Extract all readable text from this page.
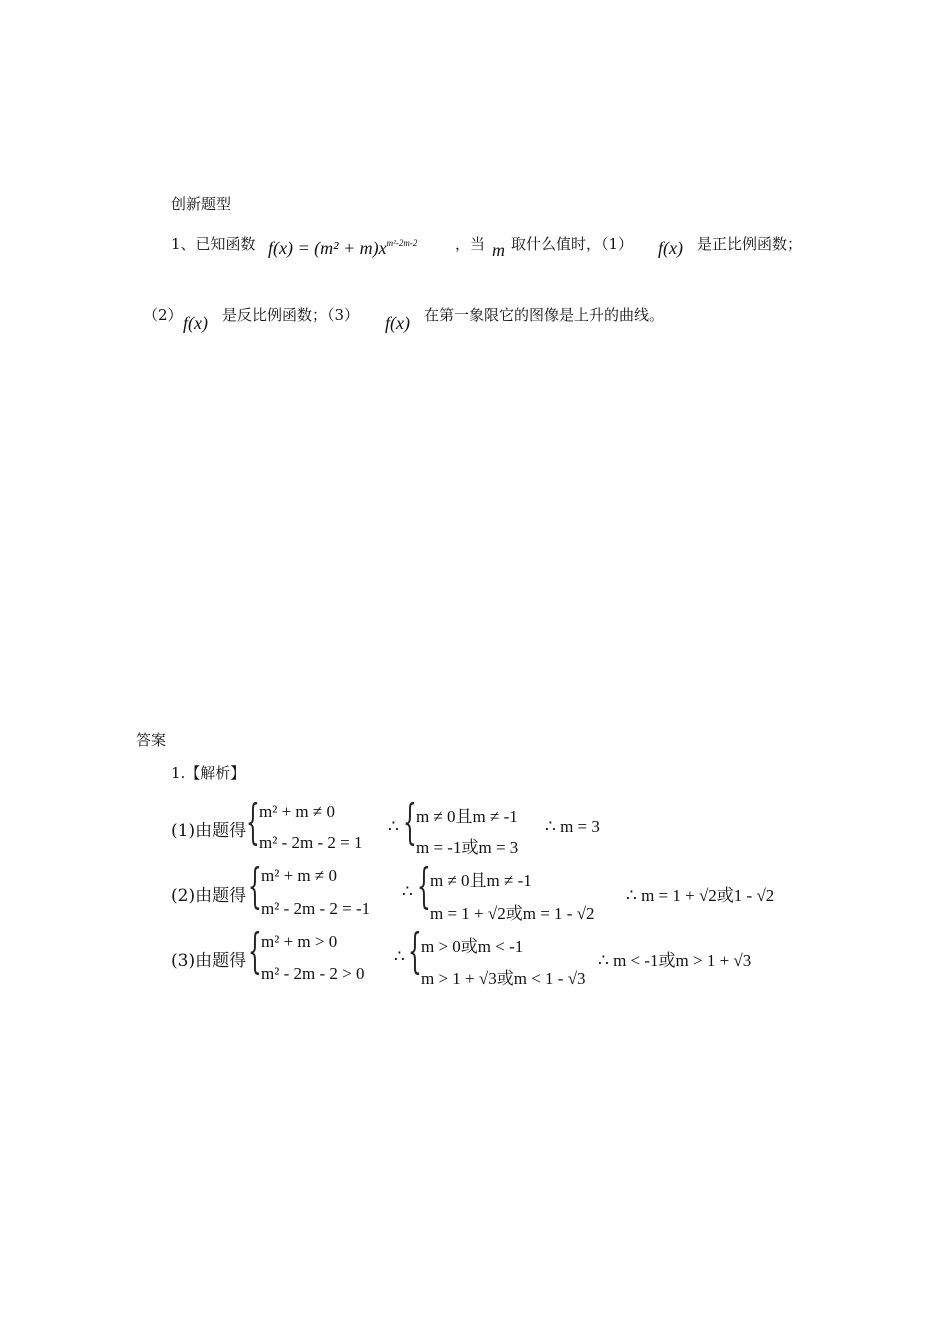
创新题型
1、已知函数 $f(x) = (m^2 + m)x^{m^2-2m-2}$	，当 m 取什么值时，（1） f(x) 是正比例函数；
（2） f(x) 是反比例函数；（3） f(x) 在第一象限它的图像是上升的曲线。
答案
1.【解析】
(1)由题得 { m² + m ≠ 0
m² - 2m - 2 = 1
∴ { m ≠ 0且m ≠ -1
m = -1或m = 3
∴ m = 3
(2)由题得 { m² + m ≠ 0
m² - 2m - 2 = -1
∴ { m ≠ 0且m ≠ -1
m = 1 + √2或m = 1 - √2
∴ m = 1 + √2或1 - √2
(3)由题得 { m² + m > 0
m² - 2m - 2 > 0
∴ { m > 0或m < -1
m > 1 + √3或m < 1 - √3
∴ m < -1或m > 1 + √3
